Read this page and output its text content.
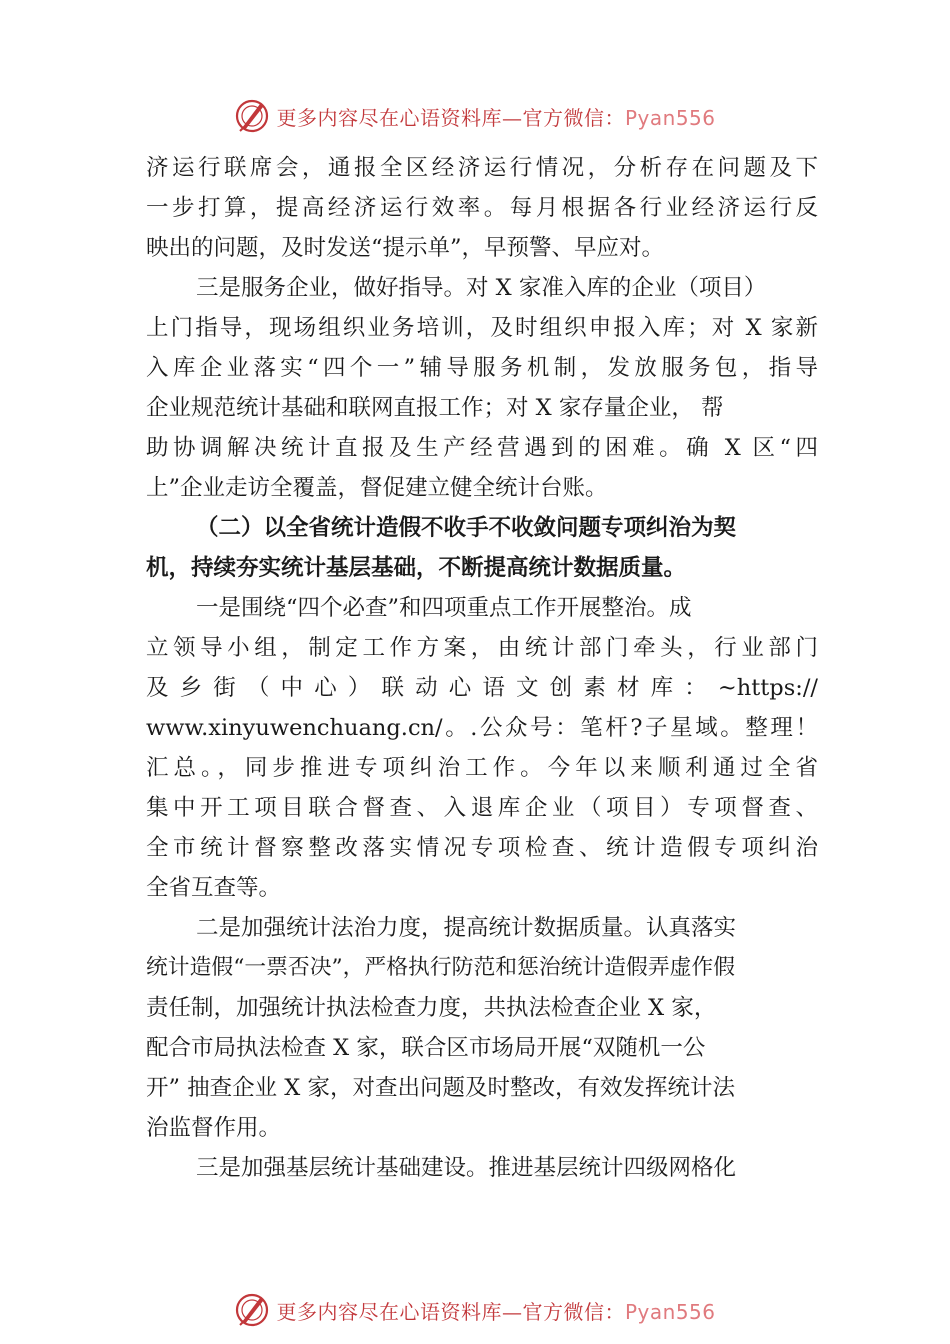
更多内容尽在心语资料库—官方微信：Pyan556
济运行联席会，通报全区经济运行情况，分析存在问题及下
一步打算，提高经济运行效率。每月根据各行业经济运行反
映出的问题，及时发送“提示单”，早预警、早应对。
三是服务企业，做好指导。对 X 家准入库的企业（项目）
上门指导，现场组织业务培训，及时组织申报入库；对 X 家新
入库企业落实“四个一”辅导服务机制，发放服务包，指导
企业规范统计基础和联网直报工作；对 X 家存量企业， 帮
助协调解决统计直报及生产经营遇到的困难。确 X 区“四
上”企业走访全覆盖，督促建立健全统计台账。
（二）以全省统计造假不收手不收敛问题专项纠治为契
机，持续夯实统计基层基础，不断提高统计数据质量。
一是围绕“四个必查”和四项重点工作开展整治。成
立领导小组，制定工作方案，由统计部门牵头，行业部门
及乡街（中心）联动心语文创素材库：~https://
www.xinyuwenchuang.cn/。.公众号：笔杆?子星域。整理！
汇总。，同步推进专项纠治工作。今年以来顺利通过全省
集中开工项目联合督查、入退库企业（项目）专项督查、
全市统计督察整改落实情况专项检查、统计造假专项纠治
全省互查等。
二是加强统计法治力度，提高统计数据质量。认真落实
统计造假“一票否决”，严格执行防范和惩治统计造假弄虚作假
责任制，加强统计执法检查力度，共执法检查企业 X 家，
配合市局执法检查 X 家，联合区市场局开展“双随机一公
开” 抽查企业 X 家，对查出问题及时整改，有效发挥统计法
治监督作用。
三是加强基层统计基础建设。推进基层统计四级网格化
更多内容尽在心语资料库—官方微信：Pyan556
